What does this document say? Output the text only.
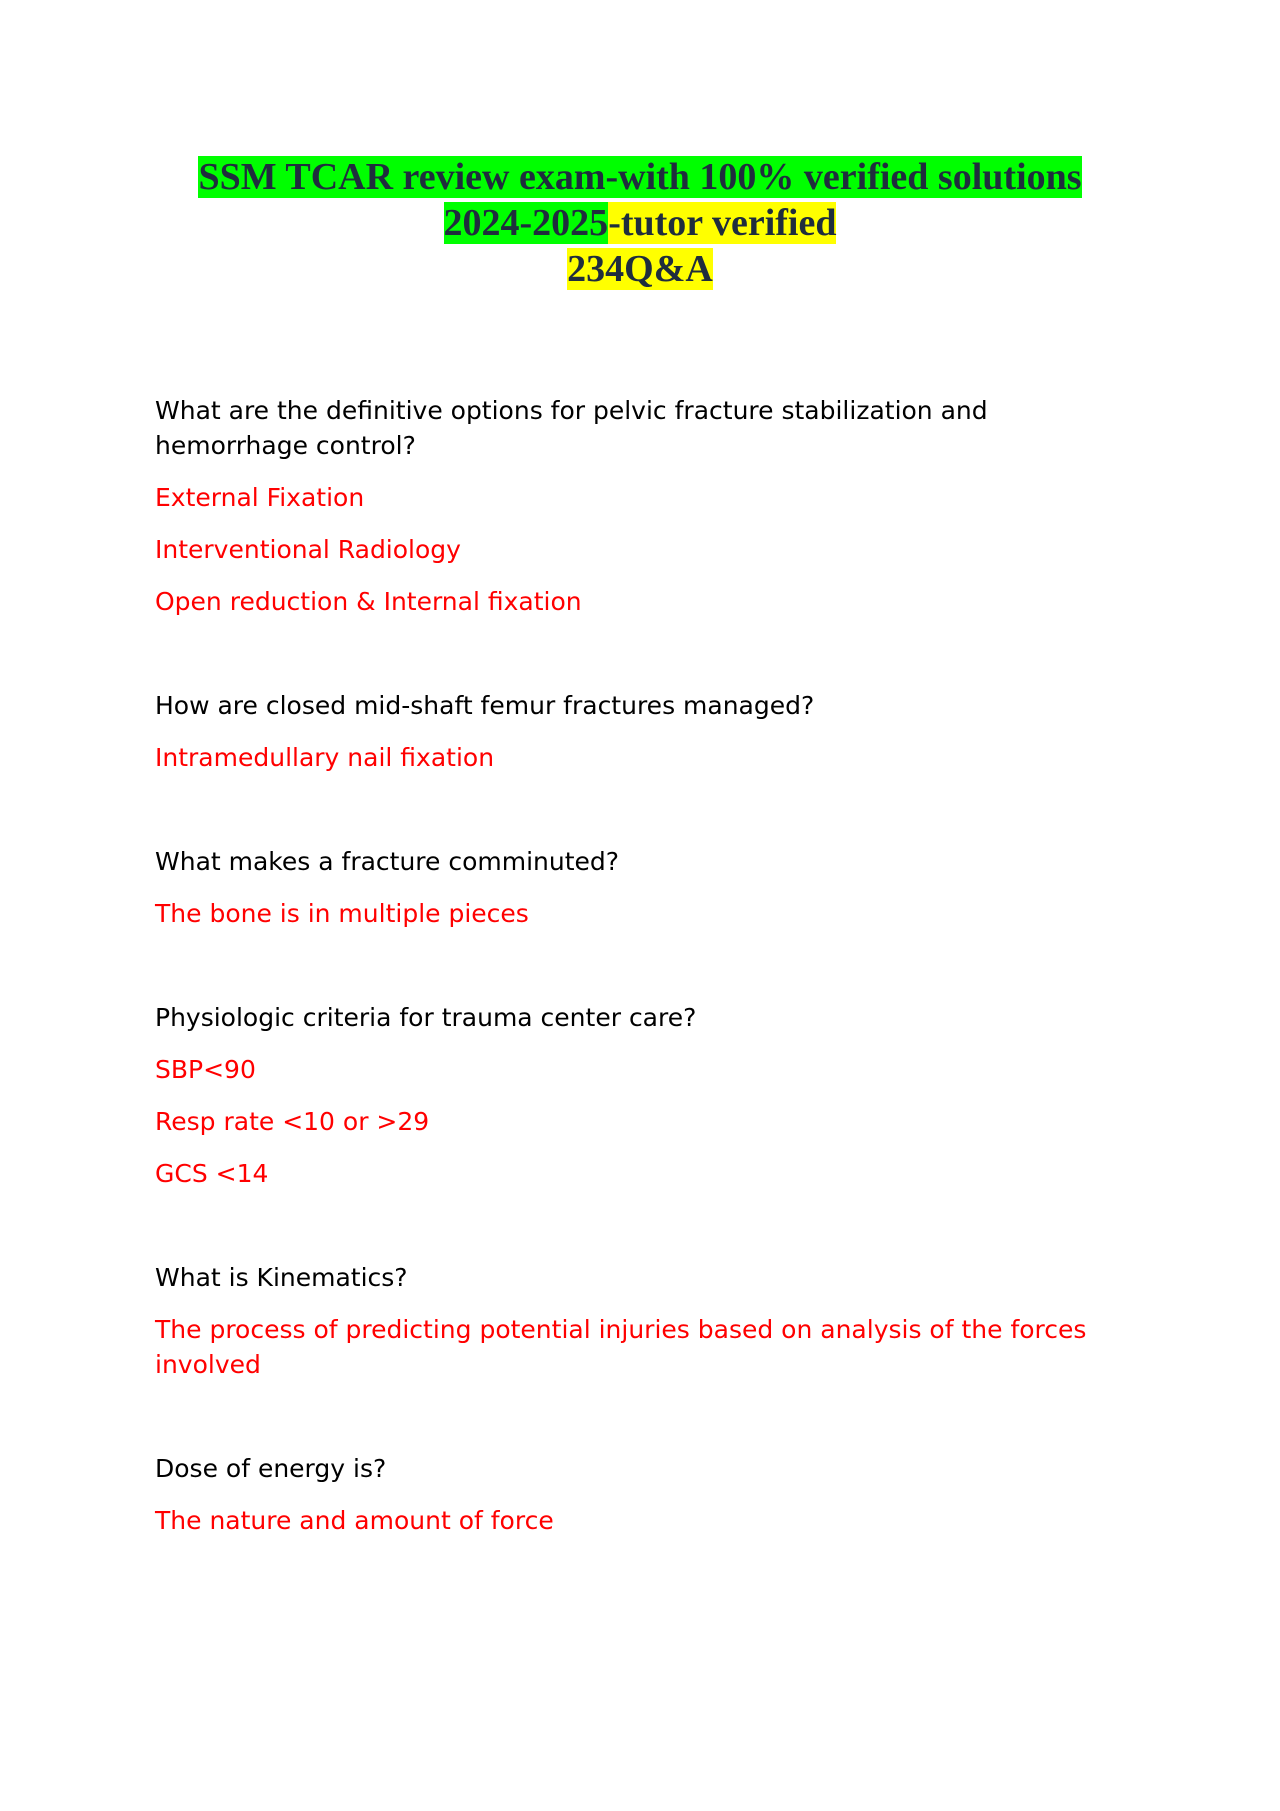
SSM TCAR review exam-with 100% verified solutions
2024-2025-tutor verified
234Q&A
What are the definitive options for pelvic fracture stabilization and hemorrhage control?
External Fixation
Interventional Radiology
Open reduction & Internal fixation
How are closed mid-shaft femur fractures managed?
Intramedullary nail fixation
What makes a fracture comminuted?
The bone is in multiple pieces
Physiologic criteria for trauma center care?
SBP<90
Resp rate <10 or >29
GCS <14
What is Kinematics?
The process of predicting potential injuries based on analysis of the forces involved
Dose of energy is?
The nature and amount of force
